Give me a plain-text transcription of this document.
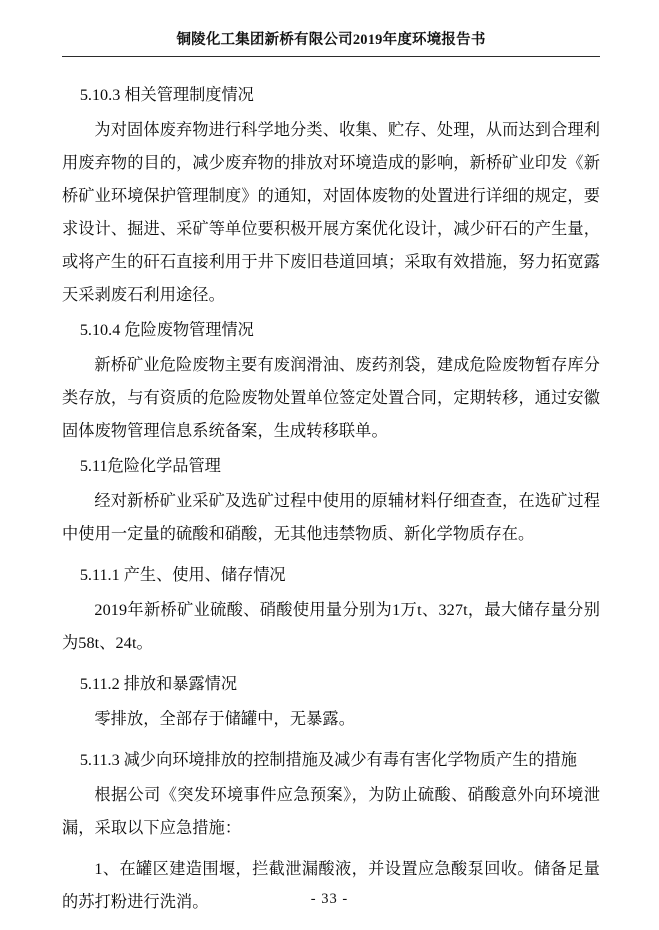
铜陵化工集团新桥有限公司2019年度环境报告书
5.10.3 相关管理制度情况

为对固体废弃物进行科学地分类、收集、贮存、处理，从而达到合理利用废弃物的目的，减少废弃物的排放对环境造成的影响，新桥矿业印发《新桥矿业环境保护管理制度》的通知，对固体废物的处置进行详细的规定，要求设计、掘进、采矿等单位要积极开展方案优化设计，减少矸石的产生量，或将产生的矸石直接利用于井下废旧巷道回填；采取有效措施，努力拓宽露天采剥废石利用途径。

5.10.4 危险废物管理情况

新桥矿业危险废物主要有废润滑油、废药剂袋，建成危险废物暂存库分类存放，与有资质的危险废物处置单位签定处置合同，定期转移，通过安徽固体废物管理信息系统备案，生成转移联单。

5.11危险化学品管理

经对新桥矿业采矿及选矿过程中使用的原辅材料仔细查查，在选矿过程中使用一定量的硫酸和硝酸，无其他违禁物质、新化学物质存在。

5.11.1 产生、使用、储存情况

2019年新桥矿业硫酸、硝酸使用量分别为1万t、327t，最大储存量分别为58t、24t。

5.11.2 排放和暴露情况

零排放，全部存于储罐中，无暴露。

5.11.3 减少向环境排放的控制措施及减少有毒有害化学物质产生的措施

根据公司《突发环境事件应急预案》，为防止硫酸、硝酸意外向环境泄漏，采取以下应急措施：

1、在罐区建造围堰，拦截泄漏酸液，并设置应急酸泵回收。储备足量的苏打粉进行洗消。	- 33 -
